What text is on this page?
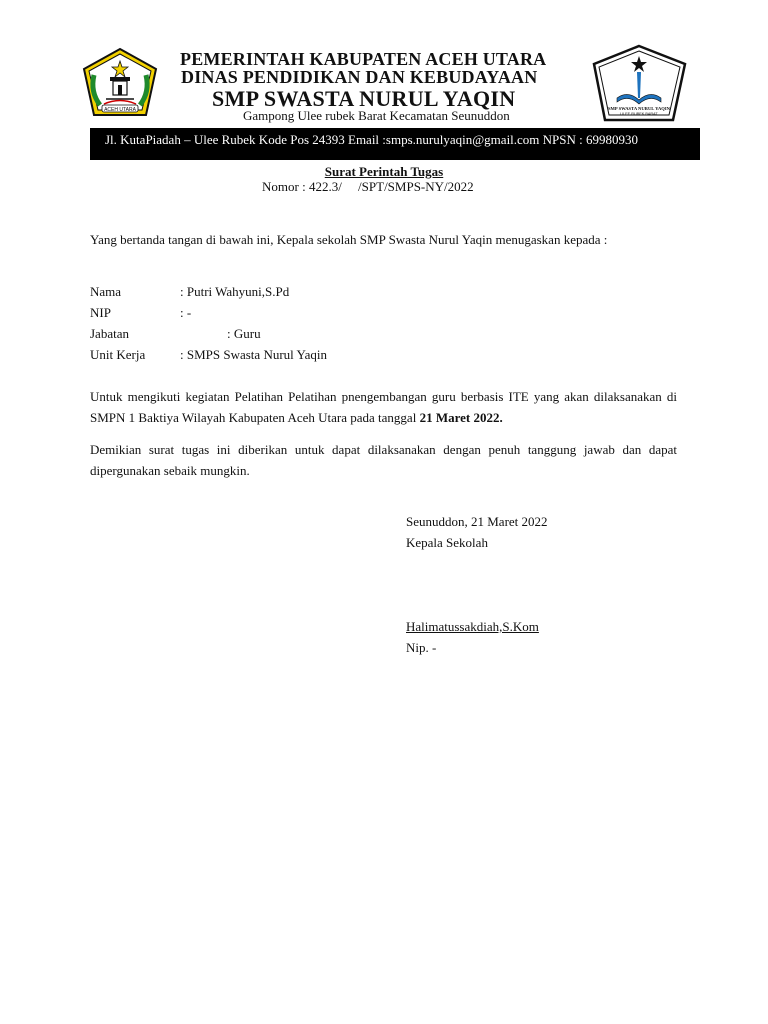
ACEH UTARA	SMP SWASTA NURUL YAQIN
ULEE RUBEK BARAT
PEMERINTAH KABUPATEN ACEH UTARA
DINAS PENDIDIKAN DAN KEBUDAYAAN
SMP SWASTA NURUL YAQIN
Gampong Ulee rubek Barat Kecamatan Seunuddon
Jl. KutaPiadah – Ulee Rubek Kode Pos 24393 Email :smps.nurulyaqin@gmail.com NPSN : 69980930
Surat Perintah Tugas
Nomor : 422.3/     /SPT/SMPS-NY/2022
Yang bertanda tangan di bawah ini, Kepala sekolah SMP Swasta Nurul Yaqin menugaskan kepada :
Nama	: Putri Wahyuni,S.Pd
NIP	: -
Jabatan	: Guru
Unit Kerja	: SMPS Swasta Nurul Yaqin
Untuk mengikuti kegiatan Pelatihan Pelatihan pnengembangan guru berbasis ITE yang akan dilaksanakan di SMPN 1 Baktiya Wilayah Kabupaten Aceh Utara pada tanggal 21 Maret 2022.
Demikian surat tugas ini diberikan untuk dapat dilaksanakan dengan penuh tanggung jawab dan dapat dipergunakan sebaik mungkin.
Seunuddon, 21 Maret 2022
Kepala Sekolah
Halimatussakdiah,S.Kom
Nip. -
